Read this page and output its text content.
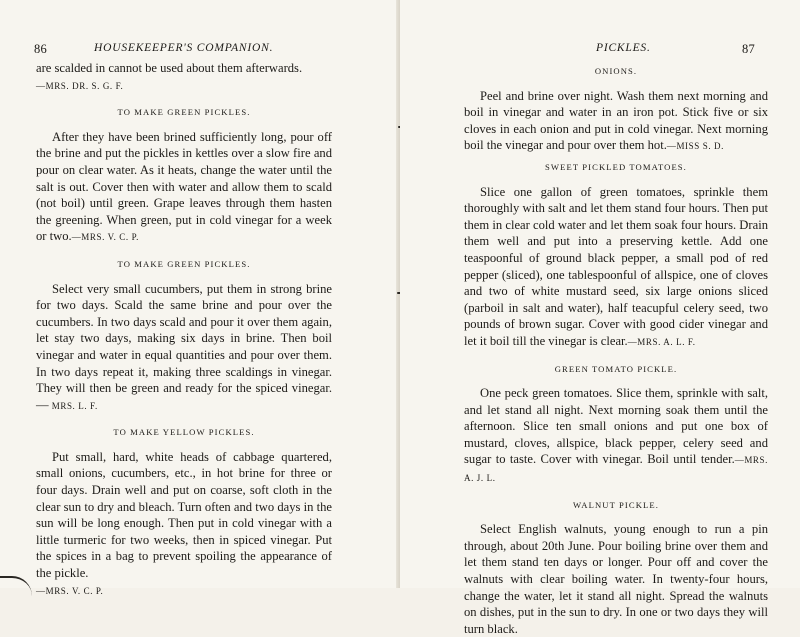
86	HOUSEKEEPER'S COMPANION.

are scalded in cannot be used about them afterwards.
—MRS. DR. S. G. F.

TO MAKE GREEN PICKLES.

After they have been brined sufficiently long, pour off the brine and put the pickles in kettles over a slow fire and pour on clear water. As it heats, change the water until the salt is out. Cover then with water and allow them to scald (not boil) until green. Grape leaves through them hasten the greening. When green, put in cold vinegar for a week or two.—MRS. V. C. P.

TO MAKE GREEN PICKLES.

Select very small cucumbers, put them in strong brine for two days. Scald the same brine and pour over the cucumbers. In two days scald and pour it over them again, let stay two days, making six days in brine. Then boil vinegar and water in equal quantities and pour over them. In two days repeat it, making three scaldings in vinegar. They will then be green and ready for the spiced vinegar.— MRS. L. F.

TO MAKE YELLOW PICKLES.

Put small, hard, white heads of cabbage quartered, small onions, cucumbers, etc., in hot brine for three or four days. Drain well and put on coarse, soft cloth in the clear sun to dry and bleach. Turn often and two days in the sun will be long enough. Then put in cold vinegar with a little turmeric for two weeks, then in spiced vinegar. Put the spices in a bag to prevent spoiling the appearance of the pickle.
—MRS. V. C. P.

PICKLES.	87
ONIONS.

Peel and brine over night. Wash them next morning and boil in vinegar and water in an iron pot. Stick five or six cloves in each onion and put in cold vinegar. Next morning boil the vinegar and pour over them hot.—MISS S. D.

SWEET PICKLED TOMATOES.

Slice one gallon of green tomatoes, sprinkle them thoroughly with salt and let them stand four hours. Then put them in clear cold water and let them soak four hours. Drain them well and put into a preserving kettle. Add one teaspoonful of ground black pepper, a small pod of red pepper (sliced), one tablespoonful of allspice, one of cloves and two of white mustard seed, six large onions sliced (parboil in salt and water), half teacupful celery seed, two pounds of brown sugar. Cover with good cider vinegar and let it boil till the vinegar is clear.—MRS. A. L. F.

GREEN TOMATO PICKLE.

One peck green tomatoes. Slice them, sprinkle with salt, and let stand all night. Next morning soak them until the afternoon. Slice ten small onions and put one box of mustard, cloves, allspice, black pepper, celery seed and sugar to taste. Cover with vinegar. Boil until tender.—MRS. A. J. L.

WALNUT PICKLE.

Select English walnuts, young enough to run a pin through, about 20th June. Pour boiling brine over them and let them stand ten days or longer. Pour off and cover the walnuts with clear boiling water. In twenty-four hours, change the water, let it stand all night. Spread the walnuts on dishes, put in the sun to dry. In one or two days they will turn black.
